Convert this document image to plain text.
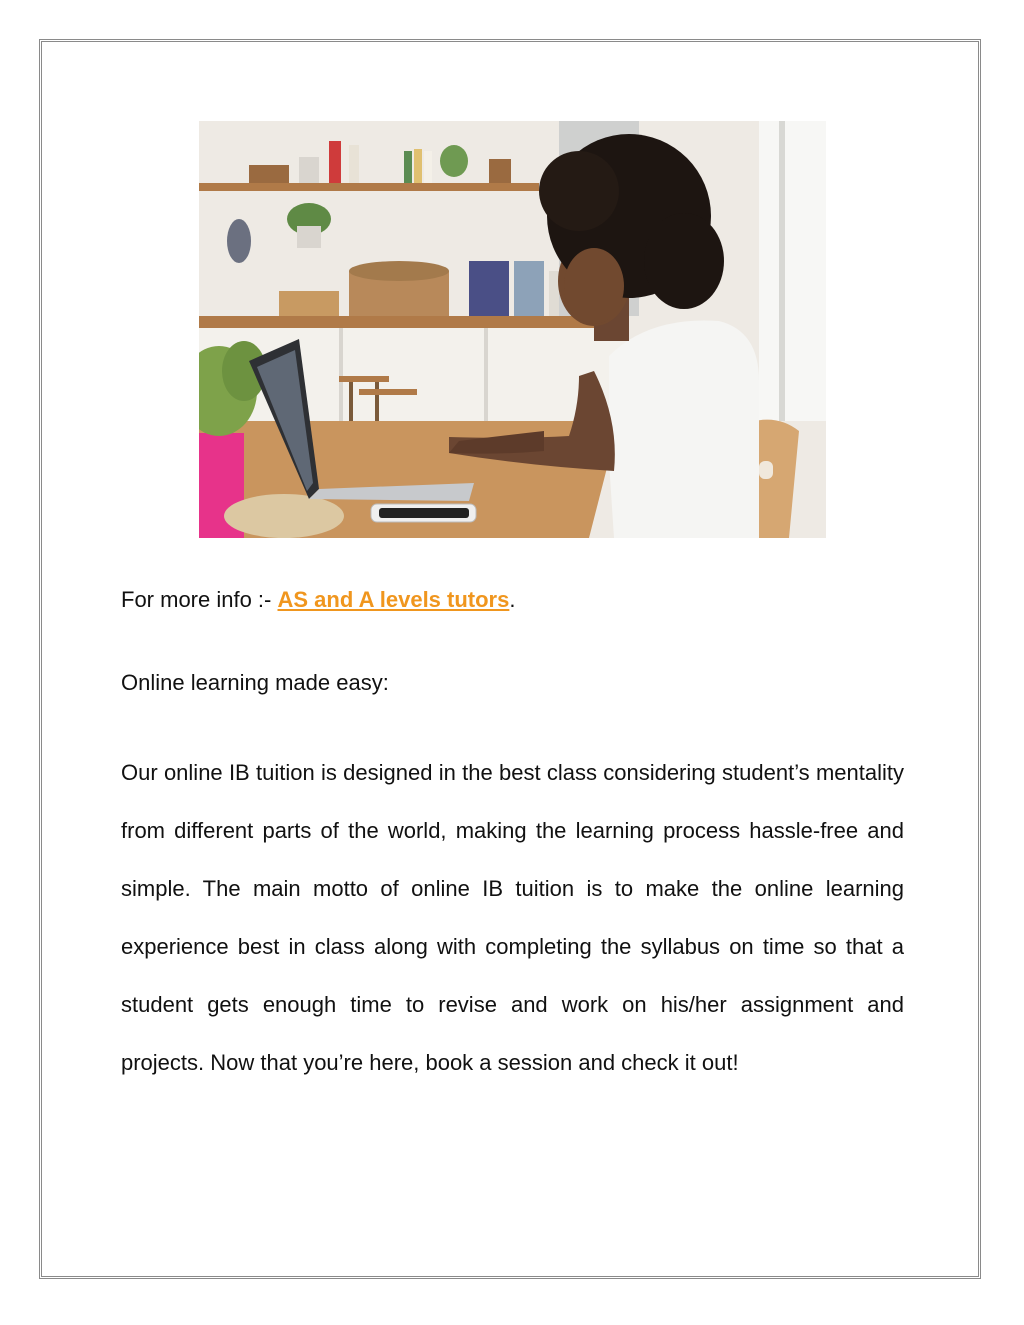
For more info :- AS and A levels tutors.
Online learning made easy:

Our online IB tuition is designed in the best class considering student’s mentality from different parts of the world, making the learning process hassle-free and simple. The main motto of online IB tuition is to make the online learning experience best in class along with completing the syllabus on time so that a student gets enough time to revise and work on his/her assignment and projects. Now that you’re here, book a session and check it out!
